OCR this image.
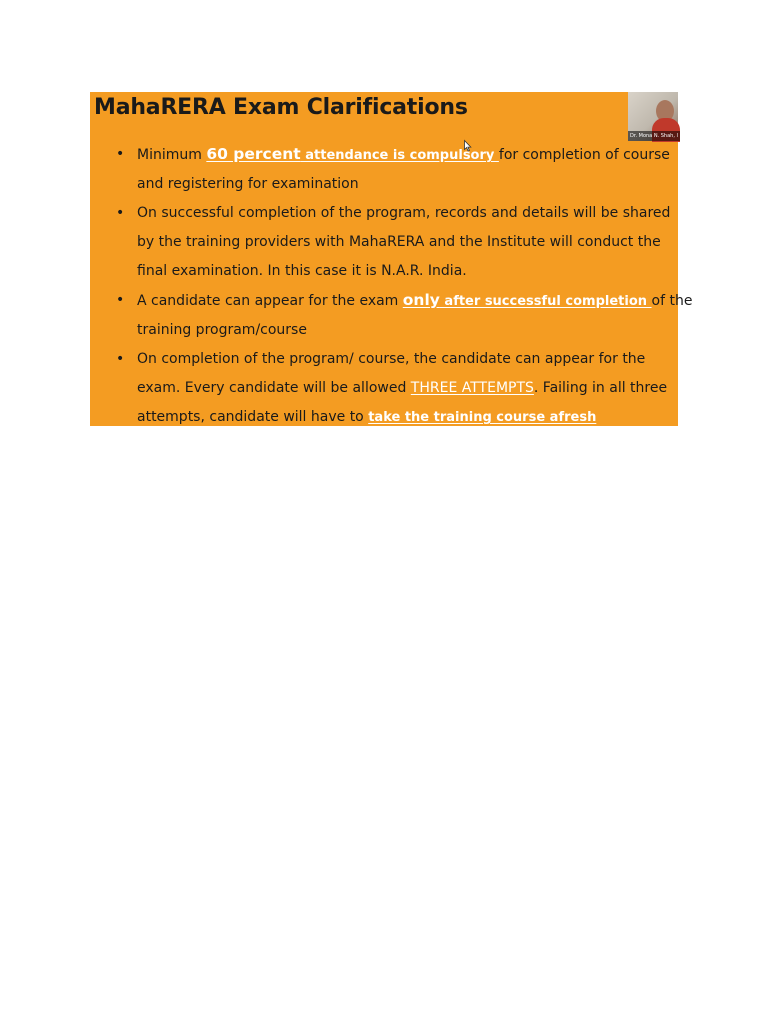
MahaRERA Exam Clarifications
Dr. Mona N. Shah, I
• Minimum 60 percent attendance is compulsory for completion of course
and registering for examination
• On successful completion of the program, records and details will be shared
by the training providers with MahaRERA and the Institute will conduct the
final examination. In this case it is N.A.R. India.
• A candidate can appear for the exam only after successful completion of the
training program/course
• On completion of the program/ course, the candidate can appear for the
exam. Every candidate will be allowed THREE ATTEMPTS. Failing in all three
attempts, candidate will have to take the training course afresh
